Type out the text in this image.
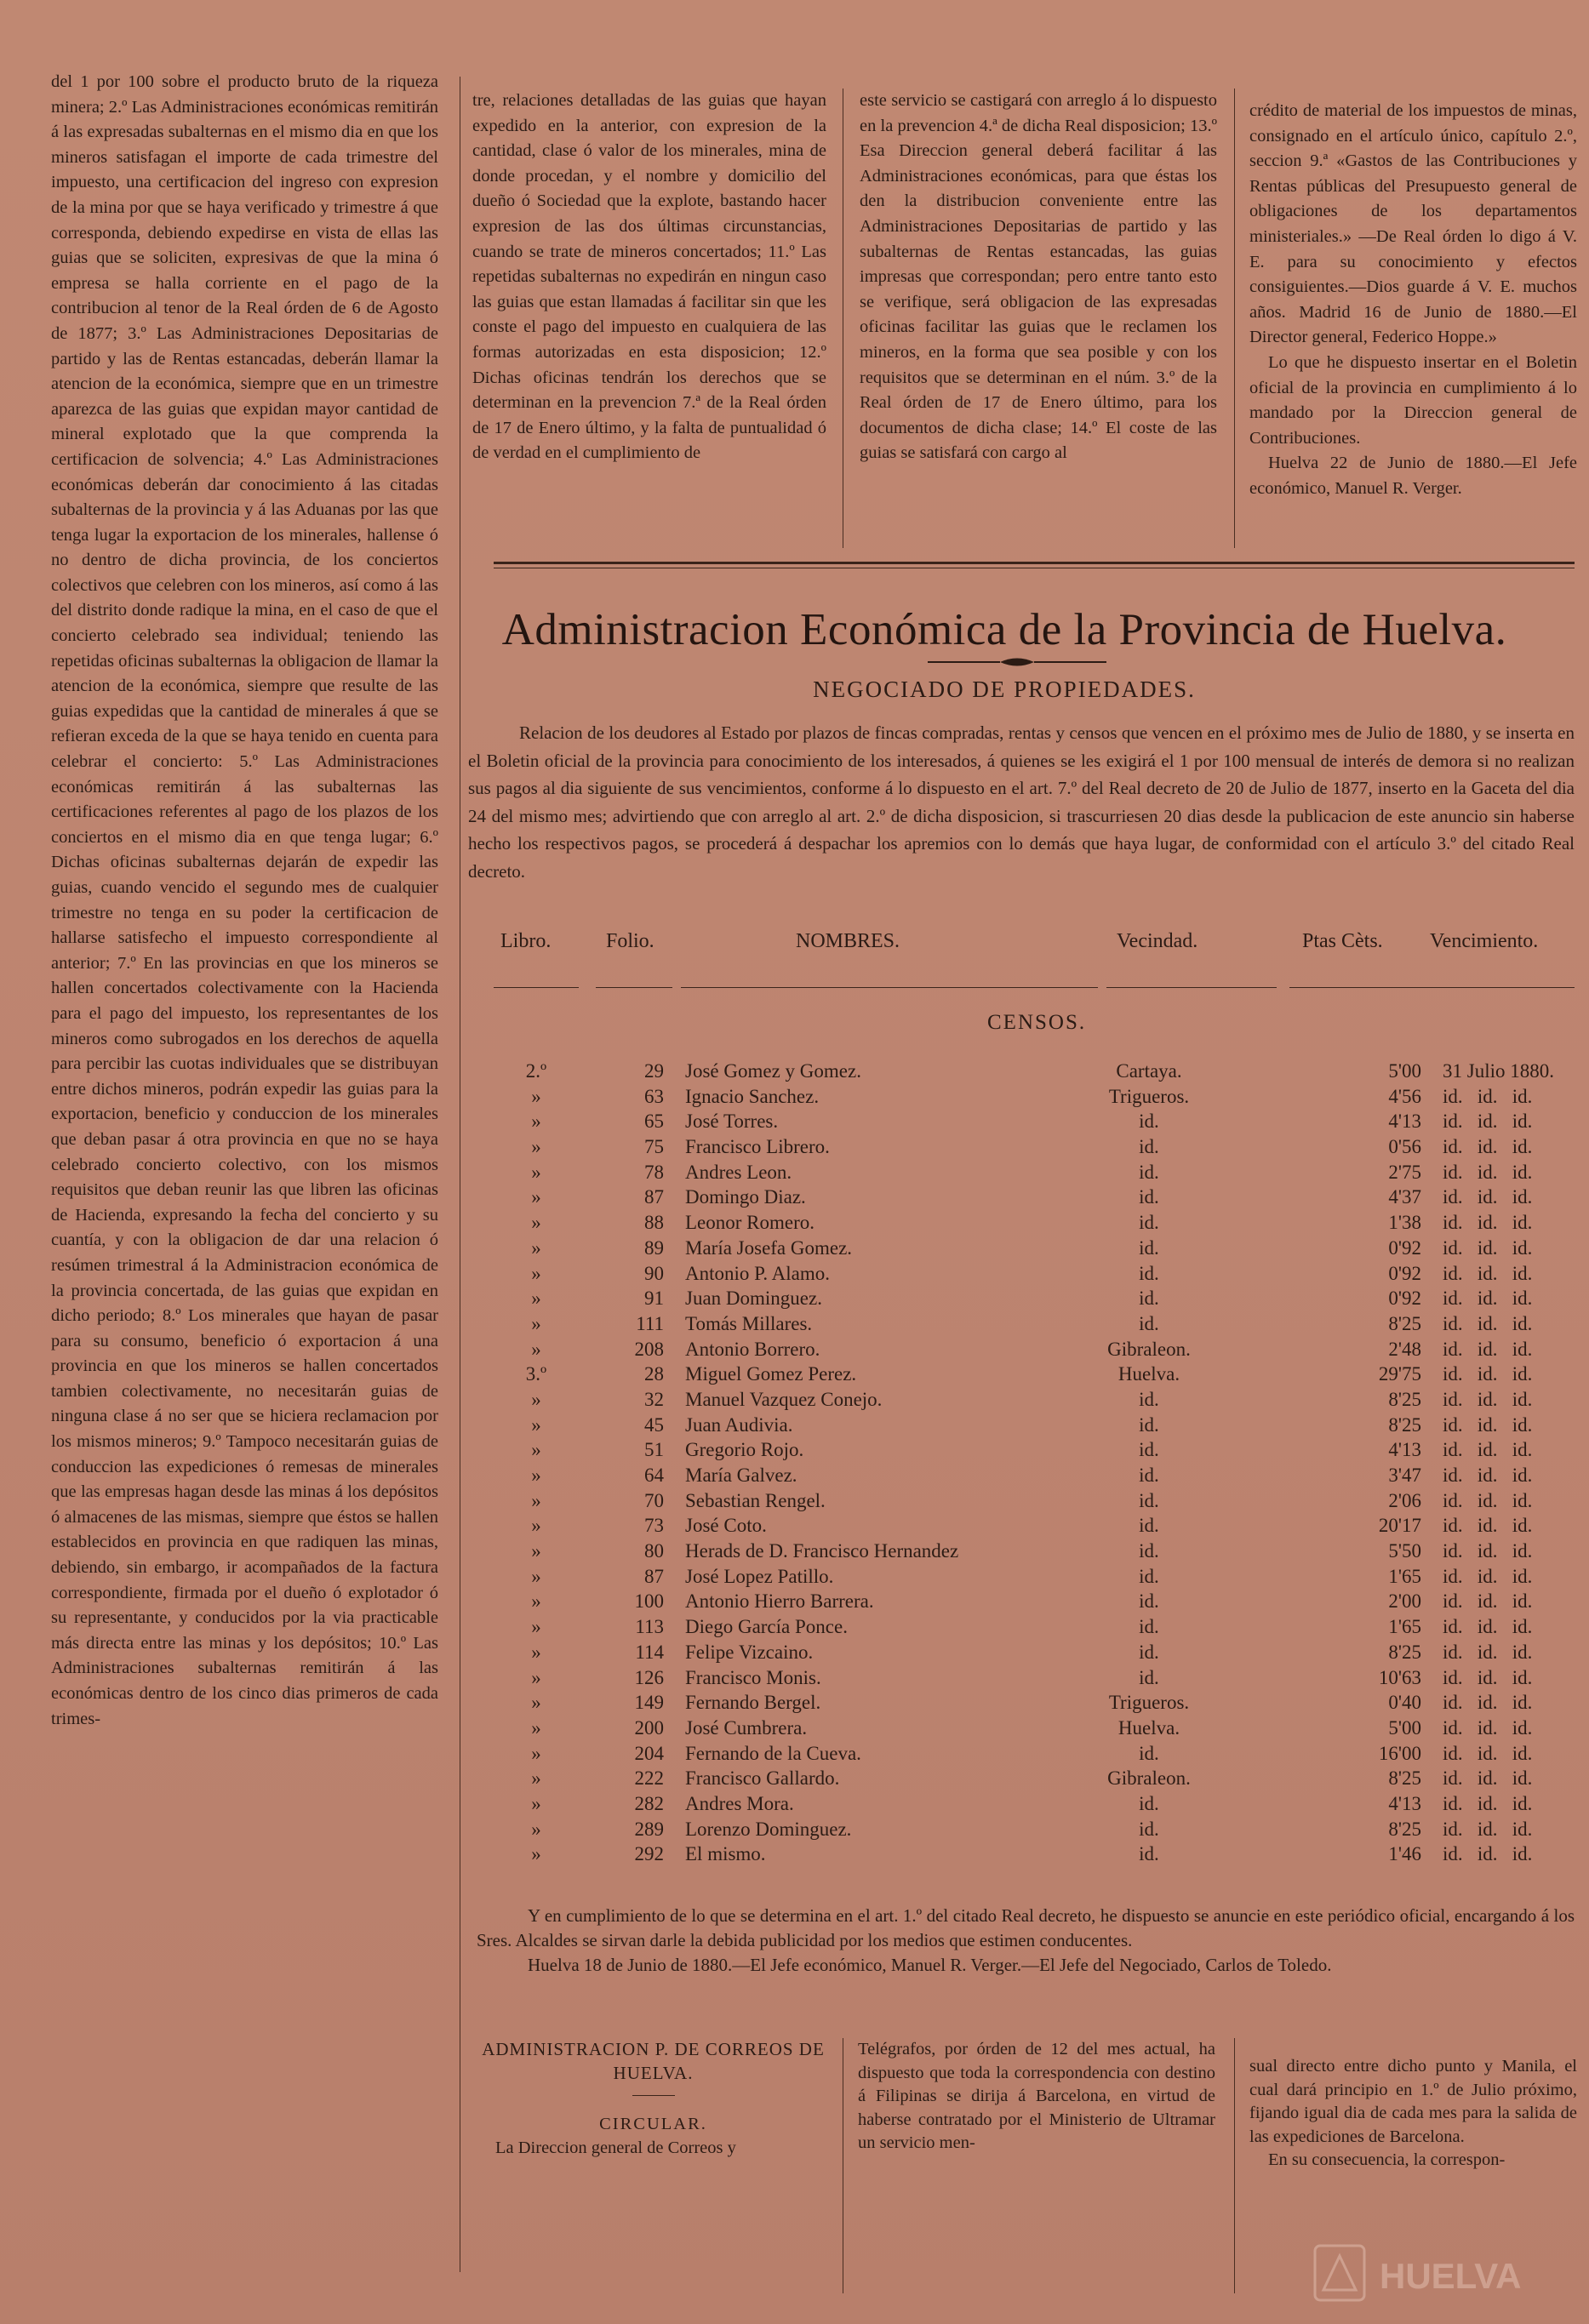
del 1 por 100 sobre el producto bruto de la riqueza minera; 2.º Las Administraciones económicas remitirán á las expresadas subalternas en el mismo dia en que los mineros satisfagan el importe de cada trimestre del impuesto, una certificacion del ingreso con expresion de la mina por que se haya verificado y trimestre á que corresponda, debiendo expedirse en vista de ellas las guias que se soliciten, expresivas de que la mina ó empresa se halla corriente en el pago de la contribucion al tenor de la Real órden de 6 de Agosto de 1877; 3.º Las Administraciones Depositarias de partido y las de Rentas estancadas, deberán llamar la atencion de la económica, siempre que en un trimestre aparezca de las guias que expidan mayor cantidad de mineral explotado que la que comprenda la certificacion de solvencia; 4.º Las Administraciones económicas deberán dar conocimiento á las citadas subalternas de la provincia y á las Aduanas por las que tenga lugar la exportacion de los minerales, hallense ó no dentro de dicha provincia, de los conciertos colectivos que celebren con los mineros, así como á las del distrito donde radique la mina, en el caso de que el concierto celebrado sea individual; teniendo las repetidas oficinas subalternas la obligacion de llamar la atencion de la económica, siempre que resulte de las guias expedidas que la cantidad de minerales á que se refieran exceda de la que se haya tenido en cuenta para celebrar el concierto: 5.º Las Administraciones económicas remitirán á las subalternas las certificaciones referentes al pago de los plazos de los conciertos en el mismo dia en que tenga lugar; 6.º Dichas oficinas subalternas dejarán de expedir las guias, cuando vencido el segundo mes de cualquier trimestre no tenga en su poder la certificacion de hallarse satisfecho el impuesto correspondiente al anterior; 7.º En las provincias en que los mineros se hallen concertados colectivamente con la Hacienda para el pago del impuesto, los representantes de los mineros como subrogados en los derechos de aquella para percibir las cuotas individuales que se distribuyan entre dichos mineros, podrán expedir las guias para la exportacion, beneficio y conduccion de los minerales que deban pasar á otra provincia en que no se haya celebrado concierto colectivo, con los mismos requisitos que deban reunir las que libren las oficinas de Hacienda, expresando la fecha del concierto y su cuantía, y con la obligacion de dar una relacion ó resúmen trimestral á la Administracion económica de la provincia concertada, de las guias que expidan en dicho periodo; 8.º Los minerales que hayan de pasar para su consumo, beneficio ó exportacion á una provincia en que los mineros se hallen concertados tambien colectivamente, no necesitarán guias de ninguna clase á no ser que se hiciera reclamacion por los mismos mineros; 9.º Tampoco necesitarán guias de conduccion las expediciones ó remesas de minerales que las empresas hagan desde las minas á los depósitos ó almacenes de las mismas, siempre que éstos se hallen establecidos en provincia en que radiquen las minas, debiendo, sin embargo, ir acompañados de la factura correspondiente, firmada por el dueño ó explotador ó su representante, y conducidos por la via practicable más directa entre las minas y los depósitos; 10.º Las Administraciones subalternas remitirán á las económicas dentro de los cinco dias primeros de cada trimes-

tre, relaciones detalladas de las guias que hayan expedido en la anterior, con expresion de la cantidad, clase ó valor de los minerales, mina de donde procedan, y el nombre y domicilio del dueño ó Sociedad que la explote, bastando hacer expresion de las dos últimas circunstancias, cuando se trate de mineros concertados; 11.º Las repetidas subalternas no expedirán en ningun caso las guias que estan llamadas á facilitar sin que les conste el pago del impuesto en cualquiera de las formas autorizadas en esta disposicion; 12.º Dichas oficinas tendrán los derechos que se determinan en la prevencion 7.ª de la Real órden de 17 de Enero último, y la falta de puntualidad ó de verdad en el cumplimiento de

este servicio se castigará con arreglo á lo dispuesto en la prevencion 4.ª de dicha Real disposicion; 13.º Esa Direccion general deberá facilitar á las Administraciones económicas, para que éstas los den la distribucion conveniente entre las Administraciones Depositarias de partido y las subalternas de Rentas estancadas, las guias impresas que correspondan; pero entre tanto esto se verifique, será obligacion de las expresadas oficinas facilitar las guias que le reclamen los mineros, en la forma que sea posible y con los requisitos que se determinan en el núm. 3.º de la Real órden de 17 de Enero último, para los documentos de dicha clase; 14.º El coste de las guias se satisfará con cargo al

crédito de material de los impuestos de minas, consignado en el artículo único, capítulo 2.º, seccion 9.ª «Gastos de las Contribuciones y Rentas públicas del Presupuesto general de obligaciones de los departamentos ministeriales.» —De Real órden lo digo á V. E. para su conocimiento y efectos consiguientes.—Dios guarde á V. E. muchos años. Madrid 16 de Junio de 1880.—El Director general, Federico Hoppe.»

Lo que he dispuesto insertar en el Boletin oficial de la provincia en cumplimiento á lo mandado por la Direccion general de Contribuciones.

Huelva 22 de Junio de 1880.—El Jefe económico, Manuel R. Verger.

Administracion Económica de la Provincia de Huelva.
NEGOCIADO DE PROPIEDADES.

Relacion de los deudores al Estado por plazos de fincas compradas, rentas y censos que vencen en el próximo mes de Julio de 1880, y se inserta en el Boletin oficial de la provincia para conocimiento de los interesados, á quienes se les exigirá el 1 por 100 mensual de interés de demora si no realizan sus pagos al dia siguiente de sus vencimientos, conforme á lo dispuesto en el art. 7.º del Real decreto de 20 de Julio de 1877, inserto en la Gaceta del dia 24 del mismo mes; advirtiendo que con arreglo al art. 2.º de dicha disposicion, si trascurriesen 20 dias desde la publicacion de este anuncio sin haberse hecho los respectivos pagos, se procederá á despachar los apremios con lo demás que haya lugar, de conformidad con el artículo 3.º del citado Real decreto.

Libro.	Folio.	NOMBRES.	Vecindad.	Ptas Cèts. Vencimiento.
CENSOS.
2.º	29 José Gomez y Gomez.	Cartaya.	5'00 31 Julio 1880.
»	63 Ignacio Sanchez.	Trigueros.	4'56 id.   id.   id.
»	65 José Torres.	id.	4'13 id.   id.   id.
»	75 Francisco Librero.	id.	0'56 id.   id.   id.
»	78 Andres Leon.	id.	2'75 id.   id.   id.
»	87 Domingo Diaz.	id.	4'37 id.   id.   id.
»	88 Leonor Romero.	id.	1'38 id.   id.   id.
»	89 María Josefa Gomez.	id.	0'92 id.   id.   id.
»	90 Antonio P. Alamo.	id.	0'92 id.   id.   id.
»	91 Juan Dominguez.	id.	0'92 id.   id.   id.
»	111 Tomás Millares.	id.	8'25 id.   id.   id.
»	208 Antonio Borrero.	Gibraleon.	2'48 id.   id.   id.
3.º	28 Miguel Gomez Perez.	Huelva.	29'75 id.   id.   id.
»	32 Manuel Vazquez Conejo.	id.	8'25 id.   id.   id.
»	45 Juan Audivia.	id.	8'25 id.   id.   id.
»	51 Gregorio Rojo.	id.	4'13 id.   id.   id.
»	64 María Galvez.	id.	3'47 id.   id.   id.
»	70 Sebastian Rengel.	id.	2'06 id.   id.   id.
»	73 José Coto.	id.	20'17 id.   id.   id.
»	80 Herads de D. Francisco Hernandez	id.	5'50 id.   id.   id.
»	87 José Lopez Patillo.	id.	1'65 id.   id.   id.
»	100 Antonio Hierro Barrera.	id.	2'00 id.   id.   id.
»	113 Diego García Ponce.	id.	1'65 id.   id.   id.
»	114 Felipe Vizcaino.	id.	8'25 id.   id.   id.
»	126 Francisco Monis.	id.	10'63 id.   id.   id.
»	149 Fernando Bergel.	Trigueros.	0'40 id.   id.   id.
»	200 José Cumbrera.	Huelva.	5'00 id.   id.   id.
»	204 Fernando de la Cueva.	id.	16'00 id.   id.   id.
»	222 Francisco Gallardo.	Gibraleon.	8'25 id.   id.   id.
»	282 Andres Mora.	id.	4'13 id.   id.   id.
»	289 Lorenzo Dominguez.	id.	8'25 id.   id.   id.
»	292 El mismo.	id.	1'46 id.   id.   id.

Y en cumplimiento de lo que se determina en el art. 1.º del citado Real decreto, he dispuesto se anuncie en este periódico oficial, encargando á los Sres. Alcaldes se sirvan darle la debida publicidad por los medios que estimen conducentes.

Huelva 18 de Junio de 1880.—El Jefe económico, Manuel R. Verger.—El Jefe del Negociado, Carlos de Toledo.

ADMINISTRACION P. DE CORREOS DE HUELVA.

CIRCULAR.

La Direccion general de Correos y

Telégrafos, por órden de 12 del mes actual, ha dispuesto que toda la correspondencia con destino á Filipinas se dirija á Barcelona, en virtud de haberse contratado por el Ministerio de Ultramar un servicio men-

sual directo entre dicho punto y Manila, el cual dará principio en 1.º de Julio próximo, fijando igual dia de cada mes para la salida de las expediciones de Barcelona.

En su consecuencia, la correspon-

HUELVA
